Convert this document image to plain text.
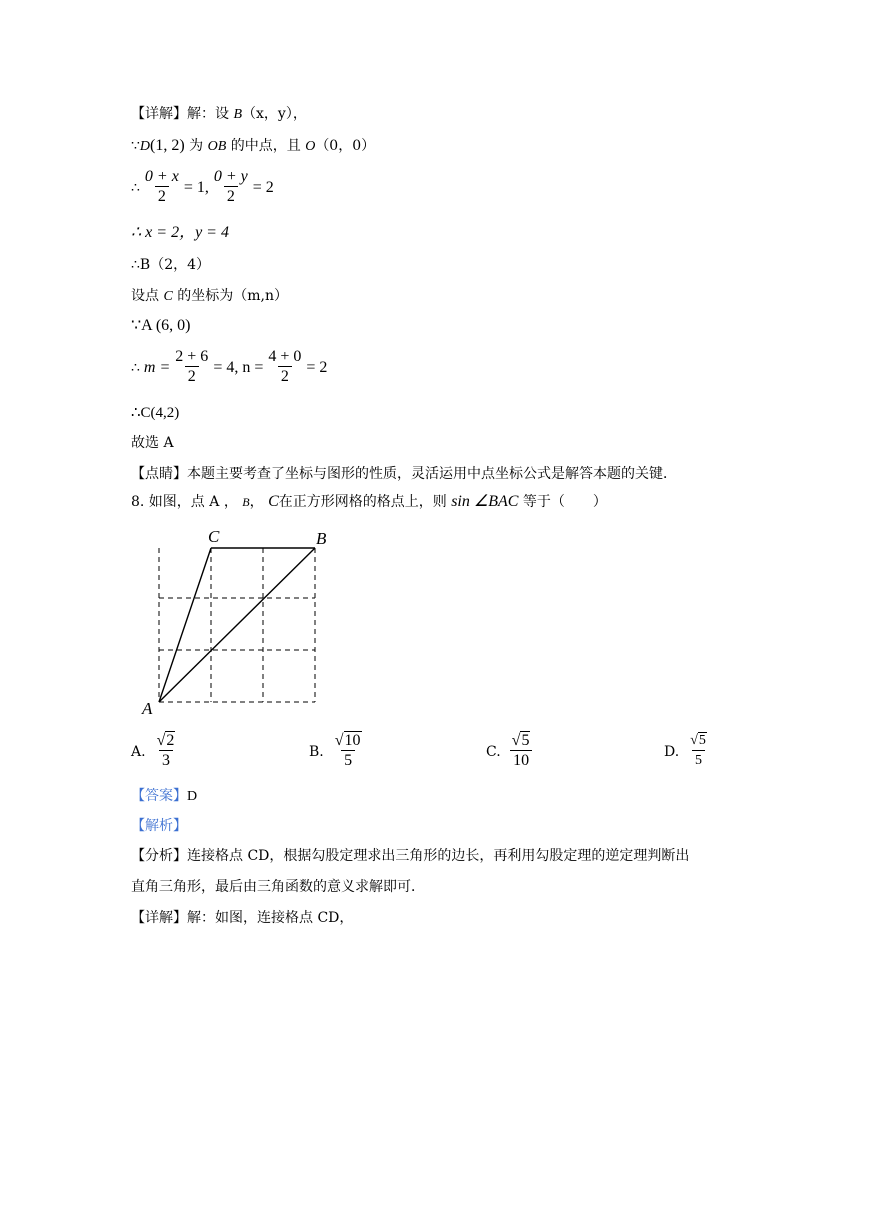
【详解】解：设 B（x，y），
∵D(1, 2) 为 OB 的中点，且 O（0，0）
∴ $\frac{0 + x}{2} = 1$, $\frac{0 + y}{2} = 2$
∴ x = 2，y = 4
∴B（2，4）
设点 C 的坐标为（m,n）
∵A (6, 0)
∴ $m = \frac{2 + 6}{2} = 4$, $n = \frac{4 + 0}{2} = 2$
∴C(4,2)
故选 A
【点睛】本题主要考查了坐标与图形的性质，灵活运用中点坐标公式是解答本题的关键．
8. 如图，点 A ， B， C在正方形网格的格点上，则 sin ∠BAC 等于（　　）
A
C	B
A. $\frac{√2}{3}$	B. $\frac{√10}{5}$	C. $\frac{√5}{10}$	D. $\frac{√5}{5}$
【答案】D
【解析】
【分析】连接格点 CD，根据勾股定理求出三角形的边长，再利用勾股定理的逆定理判断出
直角三角形，最后由三角函数的意义求解即可．
【详解】解：如图，连接格点 CD，
